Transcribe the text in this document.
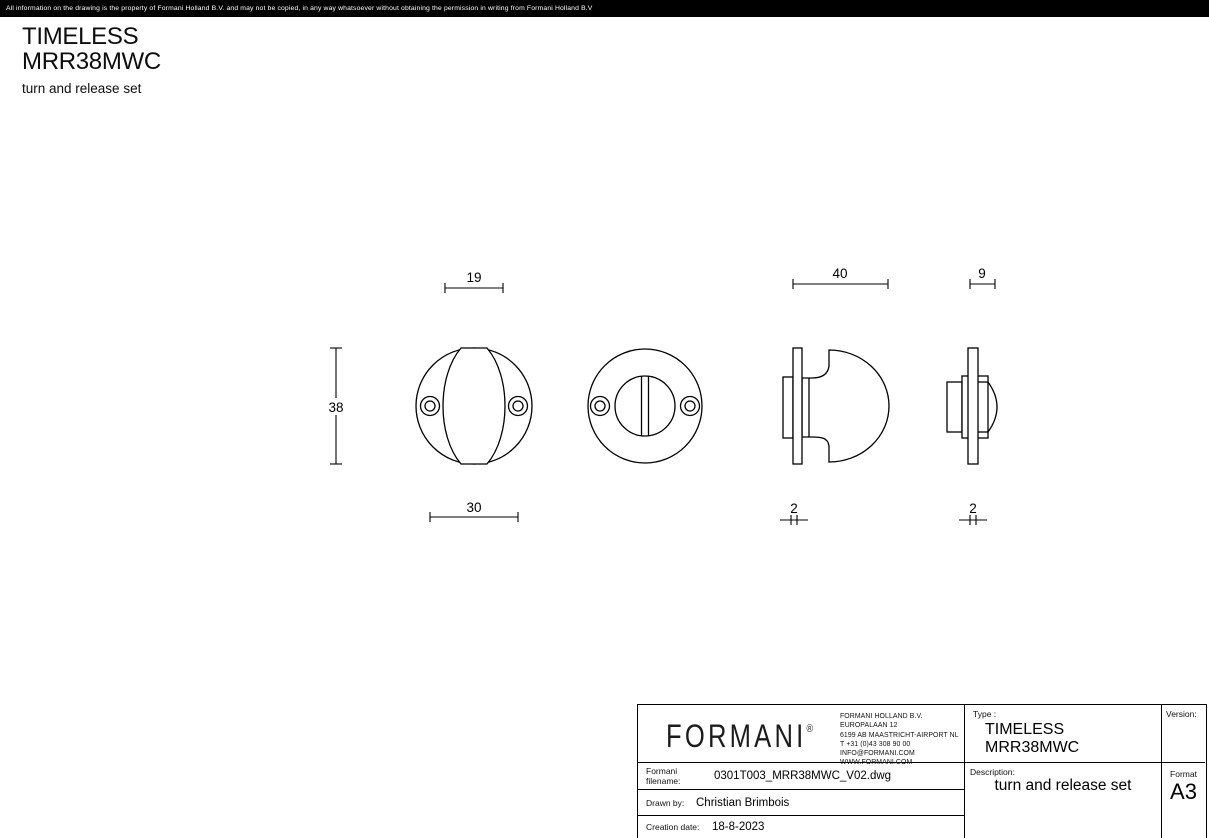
All information on the drawing is the property of Formani Holland B.V. and may not be copied, in any way whatsoever without obtaining the permission in writing from Formani Holland B.V
TIMELESS
MRR38MWC
turn and release set
19
38
30
40
2
9
2
FORMANI®
FORMANI HOLLAND B.V.
EUROPALAAN 12
6199 AB MAASTRICHT-AIRPORT NL
T +31 (0)43 308 90 00
INFO@FORMANI.COM
WWW.FORMANI.COM
Formani filename:	0301T003_MRR38MWC_V02.dwg
Drawn by:	Christian Brimbois
Creation date:	18-8-2023
Type :
TIMELESS MRR38MWC
Version:
Description:
turn and release set
Format
A3
